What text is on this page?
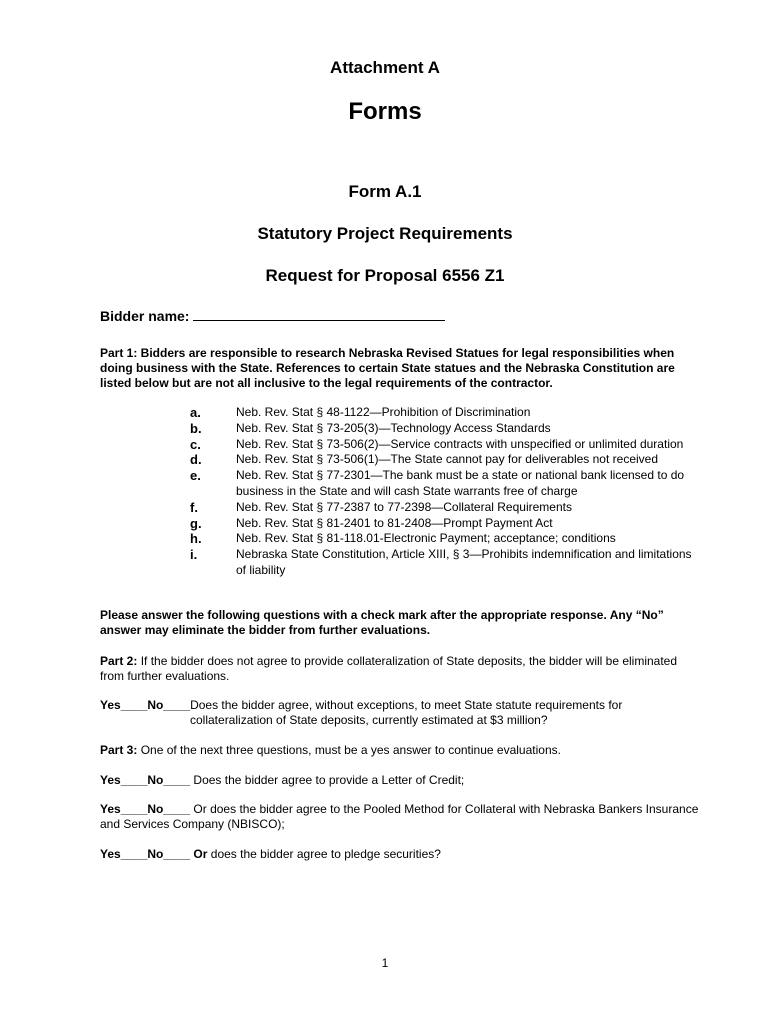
Attachment A
Forms
Form A.1
Statutory Project Requirements
Request for Proposal 6556 Z1
Bidder name:
Part 1: Bidders are responsible to research Nebraska Revised Statues for legal responsibilities when doing business with the State. References to certain State statues and the Nebraska Constitution are listed below but are not all inclusive to the legal requirements of the contractor.
a.	Neb. Rev. Stat § 48-1122—Prohibition of Discrimination
b.	Neb. Rev. Stat § 73-205(3)—Technology Access Standards
c.	Neb. Rev. Stat § 73-506(2)—Service contracts with unspecified or unlimited duration
d.	Neb. Rev. Stat § 73-506(1)—The State cannot pay for deliverables not received
e.	Neb. Rev. Stat § 77-2301—The bank must be a state or national bank licensed to do business in the State and will cash State warrants free of charge
f.	Neb. Rev. Stat § 77-2387 to 77-2398—Collateral Requirements
g.	Neb. Rev. Stat § 81-2401 to 81-2408—Prompt Payment Act
h.	Neb. Rev. Stat § 81-118.01-Electronic Payment; acceptance; conditions
i.	Nebraska State Constitution, Article XIII, § 3—Prohibits indemnification and limitations of liability
Please answer the following questions with a check mark after the appropriate response. Any “No” answer may eliminate the bidder from further evaluations.
Part 2: If the bidder does not agree to provide collateralization of State deposits, the bidder will be eliminated from further evaluations.
Yes____No____Does the bidder agree, without exceptions, to meet State statute requirements for
collateralization of State deposits, currently estimated at $3 million?
Part 3: One of the next three questions, must be a yes answer to continue evaluations.
Yes____No____ Does the bidder agree to provide a Letter of Credit;
Yes____No____ Or does the bidder agree to the Pooled Method for Collateral with Nebraska Bankers Insurance and Services Company (NBISCO);
Yes____No____ Or does the bidder agree to pledge securities?
1
